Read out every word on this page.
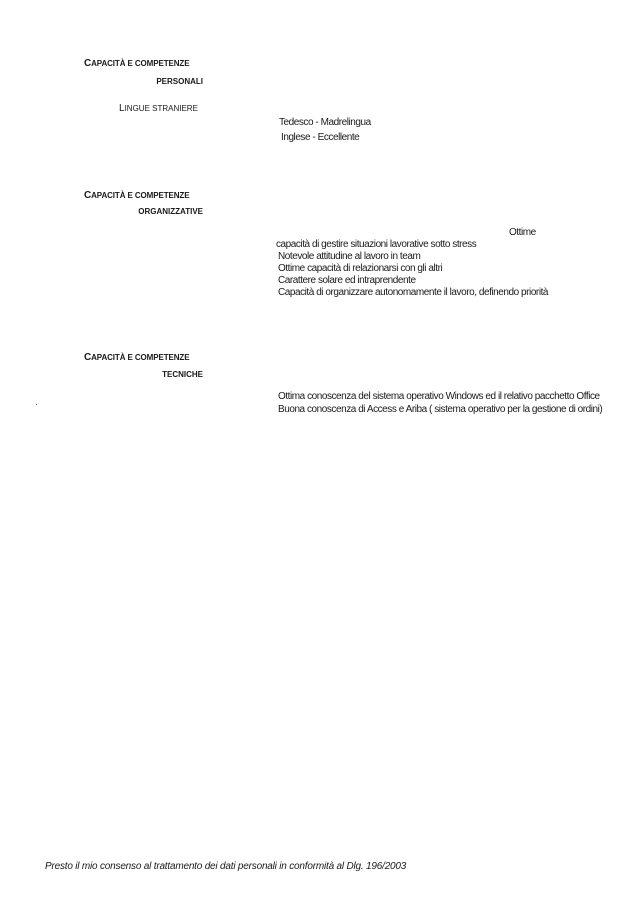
CAPACITÀ E COMPETENZE
PERSONALI
LINGUE STRANIERE
Tedesco - Madrelingua
Inglese - Eccellente
CAPACITÀ E COMPETENZE
ORGANIZZATIVE
Ottime
capacità di gestire situazioni lavorative sotto stress
Notevole attitudine al lavoro in team
Ottime capacità di relazionarsi con gli altri
Carattere solare ed intraprendente
Capacità di organizzare autonomamente il lavoro, definendo priorità
CAPACITÀ E COMPETENZE
TECNICHE
·
Ottima conoscenza del sistema operativo Windows ed il relativo pacchetto Office
Buona conoscenza di Access e Ariba ( sistema operativo per la gestione di ordini)
Presto il mio consenso al trattamento dei dati personali in conformità al Dlg. 196/2003
